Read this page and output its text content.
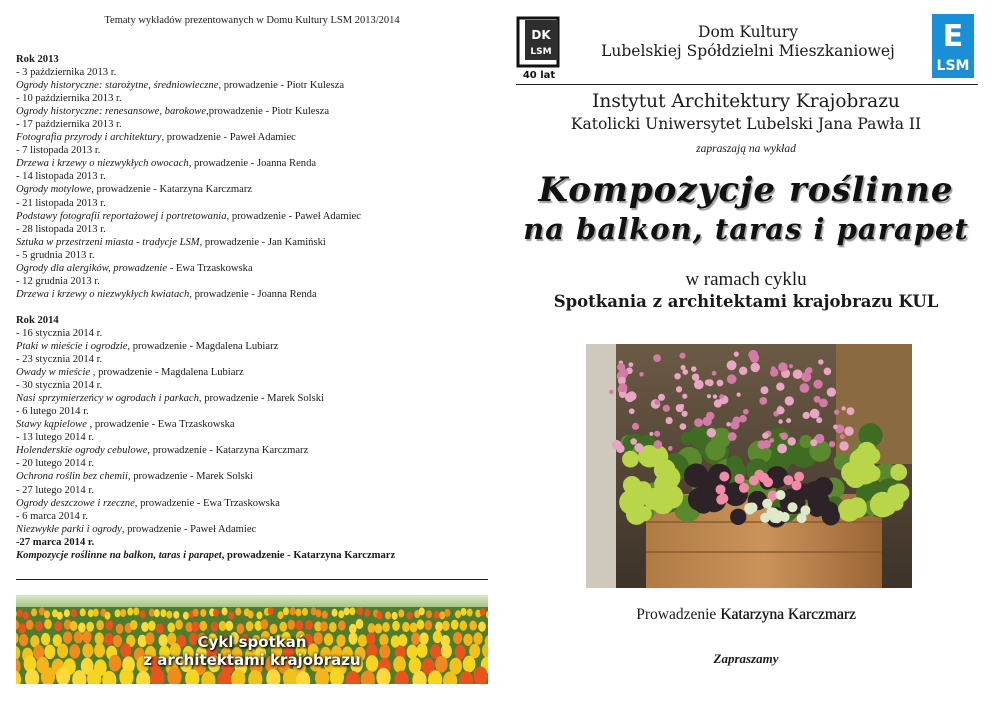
Tematy wykładów prezentowanych w Domu Kultury LSM 2013/2014
Rok 2013
- 3 października 2013 r.
Ogrody historyczne: starożytne, średniowieczne, prowadzenie - Piotr Kulesza
- 10 października 2013 r.
Ogrody historyczne: renesansowe, barokowe,prowadzenie - Piotr Kulesza
- 17 października 2013 r.
Fotografia przyrody i architektury, prowadzenie - Paweł Adamiec
- 7 listopada 2013 r.
Drzewa i krzewy o niezwykłych owocach, prowadzenie - Joanna Renda
- 14 listopada 2013 r.
Ogrody motylowe, prowadzenie - Katarzyna Karczmarz
- 21 listopada 2013 r.
Podstawy fotografii reportażowej i portretowania, prowadzenie - Paweł Adamiec
- 28 listopada 2013 r.
Sztuka w przestrzeni miasta - tradycje LSM, prowadzenie - Jan Kamiński
- 5 grudnia 2013 r.
Ogrody dla alergików, prowadzenie - Ewa Trzaskowska
- 12 grudnia 2013 r.
Drzewa i krzewy o niezwykłych kwiatach, prowadzenie - Joanna Renda
Rok 2014
- 16 stycznia 2014 r.
Ptaki w mieście i ogrodzie, prowadzenie - Magdalena Lubiarz
- 23 stycznia 2014 r.
Owady w mieście , prowadzenie - Magdalena Lubiarz
- 30 stycznia 2014 r.
Nasi sprzymierzeńcy w ogrodach i parkach, prowadzenie - Marek Solski
- 6 lutego 2014 r.
Stawy kąpielowe , prowadzenie - Ewa Trzaskowska
- 13 lutego 2014 r.
Holenderskie ogrody cebulowe, prowadzenie - Katarzyna Karczmarz
- 20 lutego 2014 r.
Ochrona roślin bez chemii, prowadzenie - Marek Solski
- 27 lutego 2014 r.
Ogrody deszczowe i rzeczne, prowadzenie - Ewa Trzaskowska
- 6 marca 2014 r.
Niezwykłe parki i ogrody, prowadzenie - Paweł Adamiec
-27 marca 2014 r.
Kompozycje roślinne na balkon, taras i parapet, prowadzenie - Katarzyna Karczmarz
Cykl spotkań
z architektami krajobrazu
DK
LSM
40 lat
Dom Kultury
Lubelskiej Spółdzielni Mieszkaniowej	E
LSM
Instytut Architektury Krajobrazu
Katolicki Uniwersytet Lubelski Jana Pawła II
zapraszają na wykład
Kompozycje roślinne
na balkon, taras i parapet
w ramach cyklu
Spotkania z architektami krajobrazu KUL
Prowadzenie Katarzyna Karczmarz
Zapraszamy
